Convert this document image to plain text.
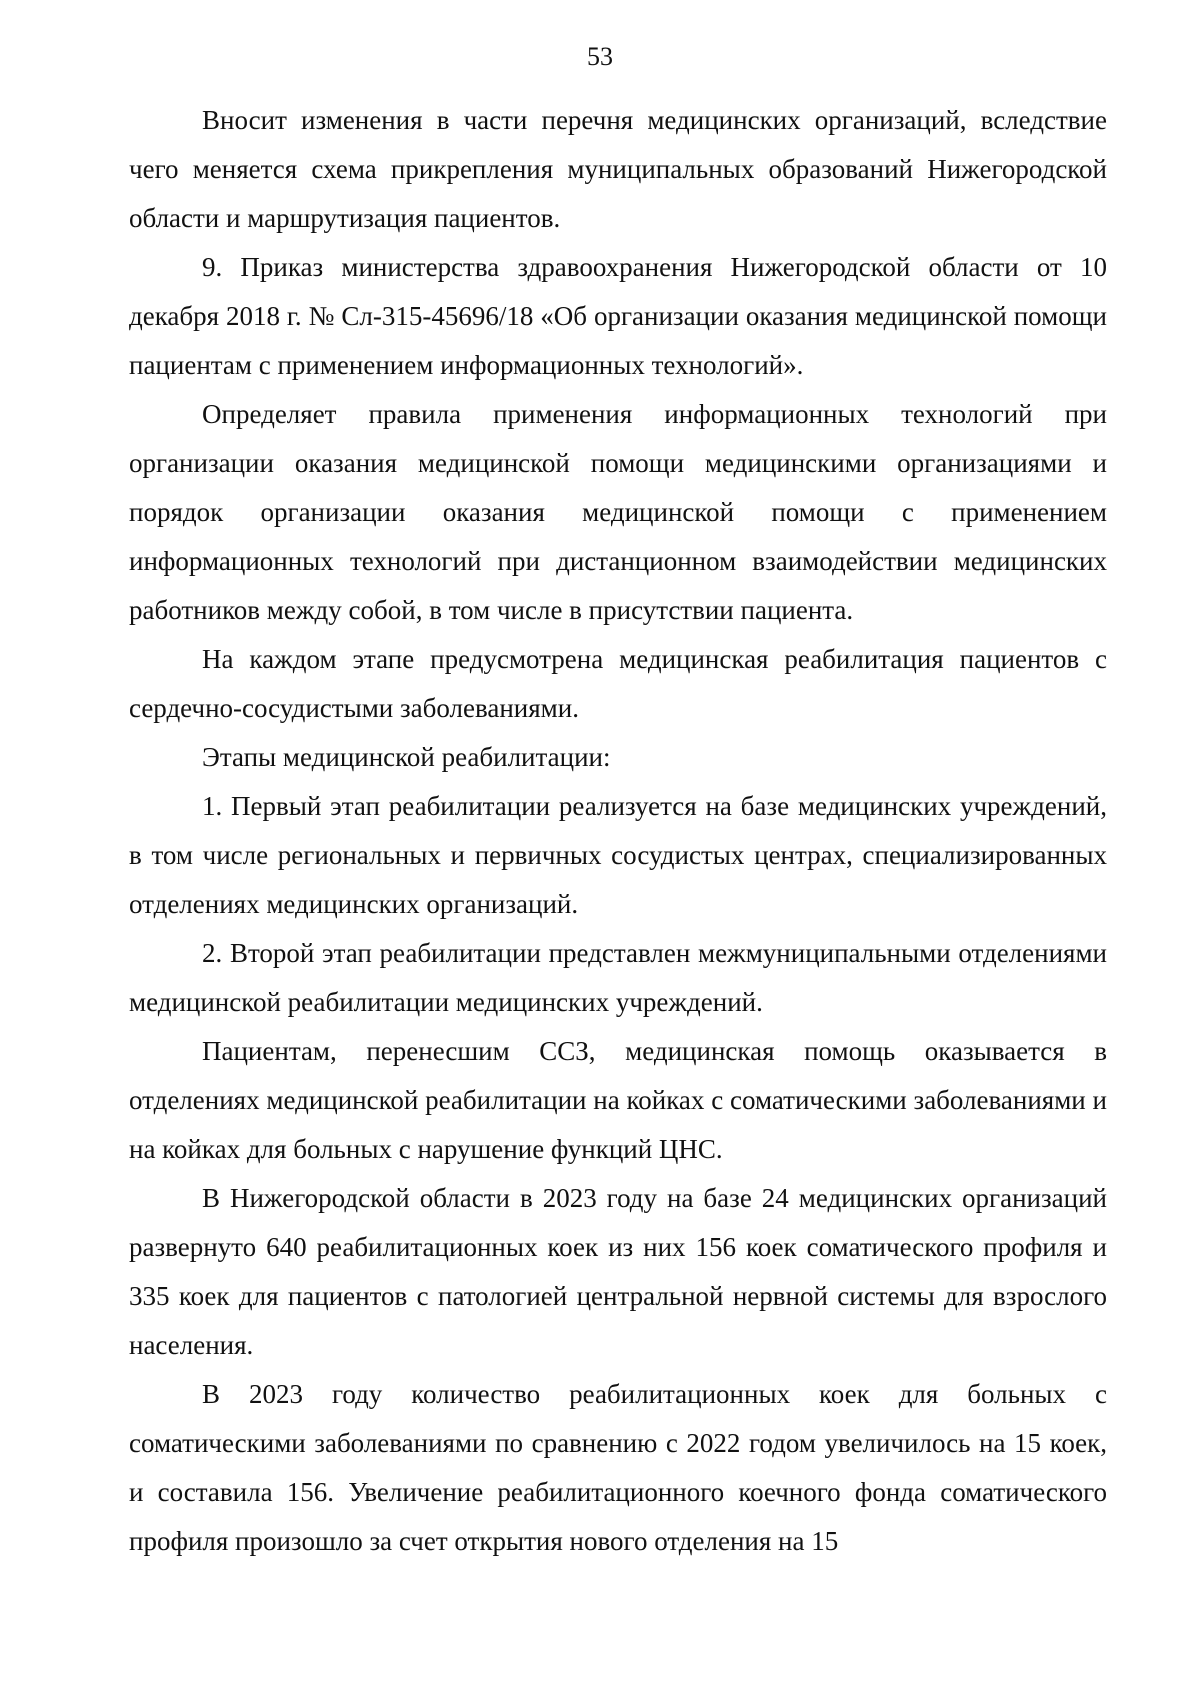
53

Вносит изменения в части перечня медицинских организаций, вследствие чего меняется схема прикрепления муниципальных образований Нижегородской области и маршрутизация пациентов.

9. Приказ министерства здравоохранения Нижегородской области от 10 декабря 2018 г. № Сл-315-45696/18 «Об организации оказания медицинской помощи пациентам с применением информационных технологий».

Определяет правила применения информационных технологий при организации оказания медицинской помощи медицинскими организациями и порядок организации оказания медицинской помощи с применением информационных технологий при дистанционном взаимодействии медицинских работников между собой, в том числе в присутствии пациента.

На каждом этапе предусмотрена медицинская реабилитация пациентов с сердечно-сосудистыми заболеваниями.

Этапы медицинской реабилитации:

1. Первый этап реабилитации реализуется на базе медицинских учреждений, в том числе региональных и первичных сосудистых центрах, специализированных отделениях медицинских организаций.

2. Второй этап реабилитации представлен межмуниципальными отделениями медицинской реабилитации медицинских учреждений.

Пациентам, перенесшим ССЗ, медицинская помощь оказывается в отделениях медицинской реабилитации на койках с соматическими заболеваниями и на койках для больных с нарушение функций ЦНС.

В Нижегородской области в 2023 году на базе 24 медицинских организаций развернуто 640 реабилитационных коек из них 156 коек соматического профиля и 335 коек для пациентов с патологией центральной нервной системы для взрослого населения.

В 2023 году количество реабилитационных коек для больных с соматическими заболеваниями по сравнению с 2022 годом увеличилось на 15 коек, и составила 156. Увеличение реабилитационного коечного фонда соматического профиля произошло за счет открытия нового отделения на 15
